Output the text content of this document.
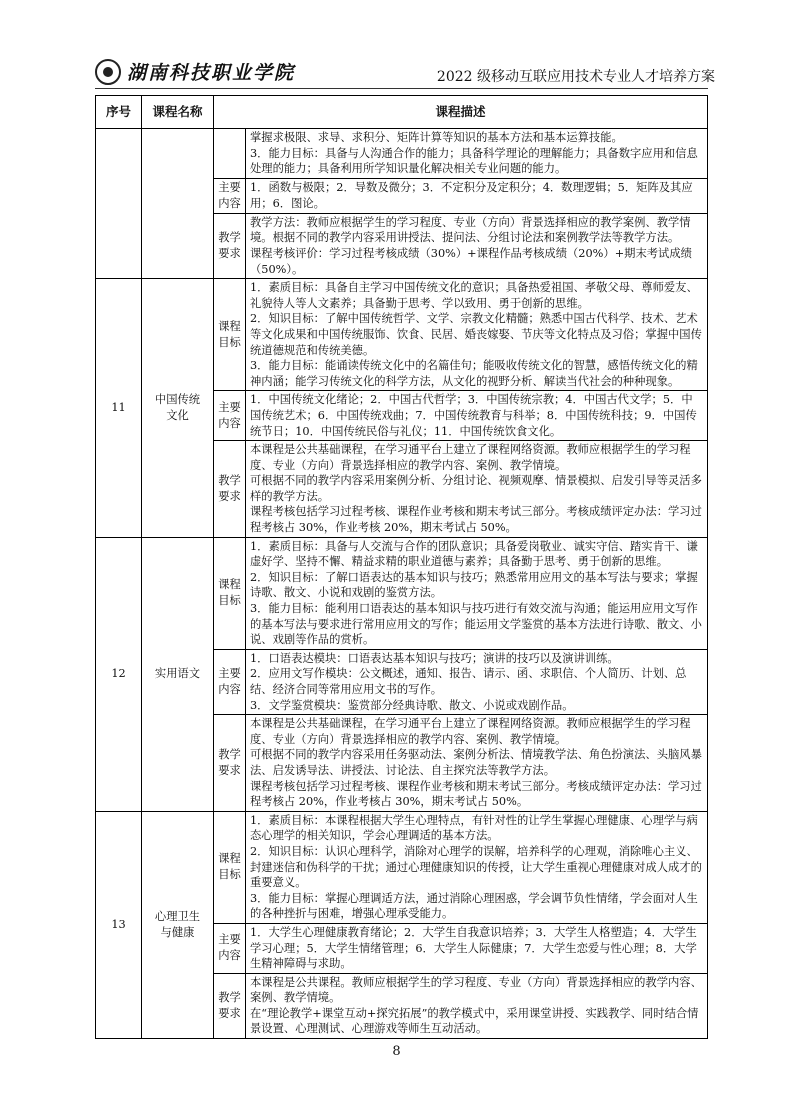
湖南科技职业学院	2022 级移动互联应用技术专业人才培养方案
序号	课程名称	课程描述	

			掌握求极限、求导、求积分、矩阵计算等知识的基本方法和基本运算技能。
3．能力目标：具备与人沟通合作的能力；具备科学理论的理解能力；具备数字应用和信息处理的能力；具备利用所学知识量化解决相关专业问题的能力。

		主要内容	1．函数与极限；2．导数及微分；3．不定积分及定积分；4．数理逻辑；5．矩阵及其应用；6．图论。

		教学要求	教学方法：教师应根据学生的学习程度、专业（方向）背景选择相应的教学案例、教学情境。根据不同的教学内容采用讲授法、提问法、分组讨论法和案例教学法等教学方法。
课程考核评价：学习过程考核成绩（30%）+课程作品考核成绩（20%）+期末考试成绩（50%）。

11	中国传统文化	课程目标	1．素质目标：具备自主学习中国传统文化的意识；具备热爱祖国、孝敬父母、尊师爱友、礼貌待人等人文素养；具备勤于思考、学以致用、勇于创新的思维。
2．知识目标：了解中国传统哲学、文学、宗教文化精髓；熟悉中国古代科学、技术、艺术等文化成果和中国传统服饰、饮食、民居、婚丧嫁娶、节庆等文化特点及习俗；掌握中国传统道德规范和传统美德。
3．能力目标：能诵读传统文化中的名篇佳句；能吸收传统文化的智慧，感悟传统文化的精神内涵；能学习传统文化的科学方法，从文化的视野分析、解读当代社会的种种现象。

		主要内容	1．中国传统文化绪论；2．中国古代哲学；3．中国传统宗教；4．中国古代文学；5．中国传统艺术；6．中国传统戏曲；7．中国传统教育与科举；8．中国传统科技；9．中国传统节日；10．中国传统民俗与礼仪；11．中国传统饮食文化。

		教学要求	本课程是公共基础课程，在学习通平台上建立了课程网络资源。教师应根据学生的学习程度、专业（方向）背景选择相应的教学内容、案例、教学情境。
可根据不同的教学内容采用案例分析、分组讨论、视频观摩、情景模拟、启发引导等灵活多样的教学方法。
课程考核包括学习过程考核、课程作业考核和期末考试三部分。考核成绩评定办法：学习过程考核占 30%，作业考核 20%，期末考试占 50%。

12	实用语文	课程目标	1．素质目标：具备与人交流与合作的团队意识；具备爱岗敬业、诚实守信、踏实肯干、谦虚好学、坚持不懈、精益求精的职业道德与素养；具备勤于思考、勇于创新的思维。
2．知识目标：了解口语表达的基本知识与技巧；熟悉常用应用文的基本写法与要求；掌握诗歌、散文、小说和戏剧的鉴赏方法。
3．能力目标：能利用口语表达的基本知识与技巧进行有效交流与沟通；能运用应用文写作的基本写法与要求进行常用应用文的写作；能运用文学鉴赏的基本方法进行诗歌、散文、小说、戏剧等作品的赏析。

		主要内容	1．口语表达模块：口语表达基本知识与技巧；演讲的技巧以及演讲训练。
2．应用文写作模块：公文概述，通知、报告、请示、函、求职信、个人简历、计划、总结、经济合同等常用应用文书的写作。
3．文学鉴赏模块：鉴赏部分经典诗歌、散文、小说或戏剧作品。

		教学要求	本课程是公共基础课程，在学习通平台上建立了课程网络资源。教师应根据学生的学习程度、专业（方向）背景选择相应的教学内容、案例、教学情境。
可根据不同的教学内容采用任务驱动法、案例分析法、情境教学法、角色扮演法、头脑风暴法、启发诱导法、讲授法、讨论法、自主探究法等教学方法。
课程考核包括学习过程考核、课程作业考核和期末考试三部分。考核成绩评定办法：学习过程考核占 20%，作业考核占 30%，期末考试占 50%。

13	心理卫生与健康	课程目标	1．素质目标：本课程根据大学生心理特点，有针对性的让学生掌握心理健康、心理学与病态心理学的相关知识，学会心理调适的基本方法。
2．知识目标：认识心理科学，消除对心理学的误解，培养科学的心理观，消除唯心主义、封建迷信和伪科学的干扰；通过心理健康知识的传授，让大学生重视心理健康对成人成才的重要意义。
3．能力目标：掌握心理调适方法，通过消除心理困惑，学会调节负性情绪，学会面对人生的各种挫折与困难，增强心理承受能力。

		主要内容	1．大学生心理健康教育绪论；2．大学生自我意识培养；3．大学生人格塑造；4．大学生学习心理；5．大学生情绪管理；6．大学生人际健康；7．大学生恋爱与性心理；8．大学生精神障碍与求助。

		教学要求	本课程是公共课程。教师应根据学生的学习程度、专业（方向）背景选择相应的教学内容、案例、教学情境。
在“理论教学+课堂互动+探究拓展”的教学模式中，采用课堂讲授、实践教学、同时结合情景设置、心理测试、心理游戏等师生互动活动。
8
